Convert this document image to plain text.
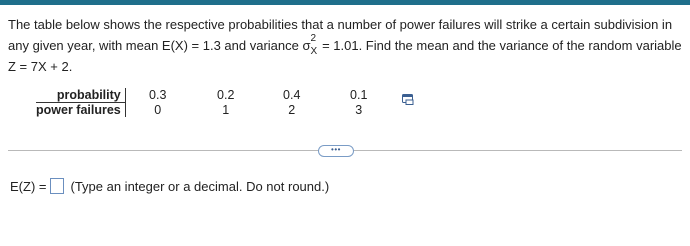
The table below shows the respective probabilities that a number of power failures will strike a certain subdivision in
any given year, with mean E(X) = 1.3 and variance σ 2
X = 1.01. Find the mean and the variance of the random variable
Z = 7X + 2.
probability	0.3	0.2	0.4	0.1	
power failures	0	1	2	3	
•••
E(Z) = (Type an integer or a decimal. Do not round.)
